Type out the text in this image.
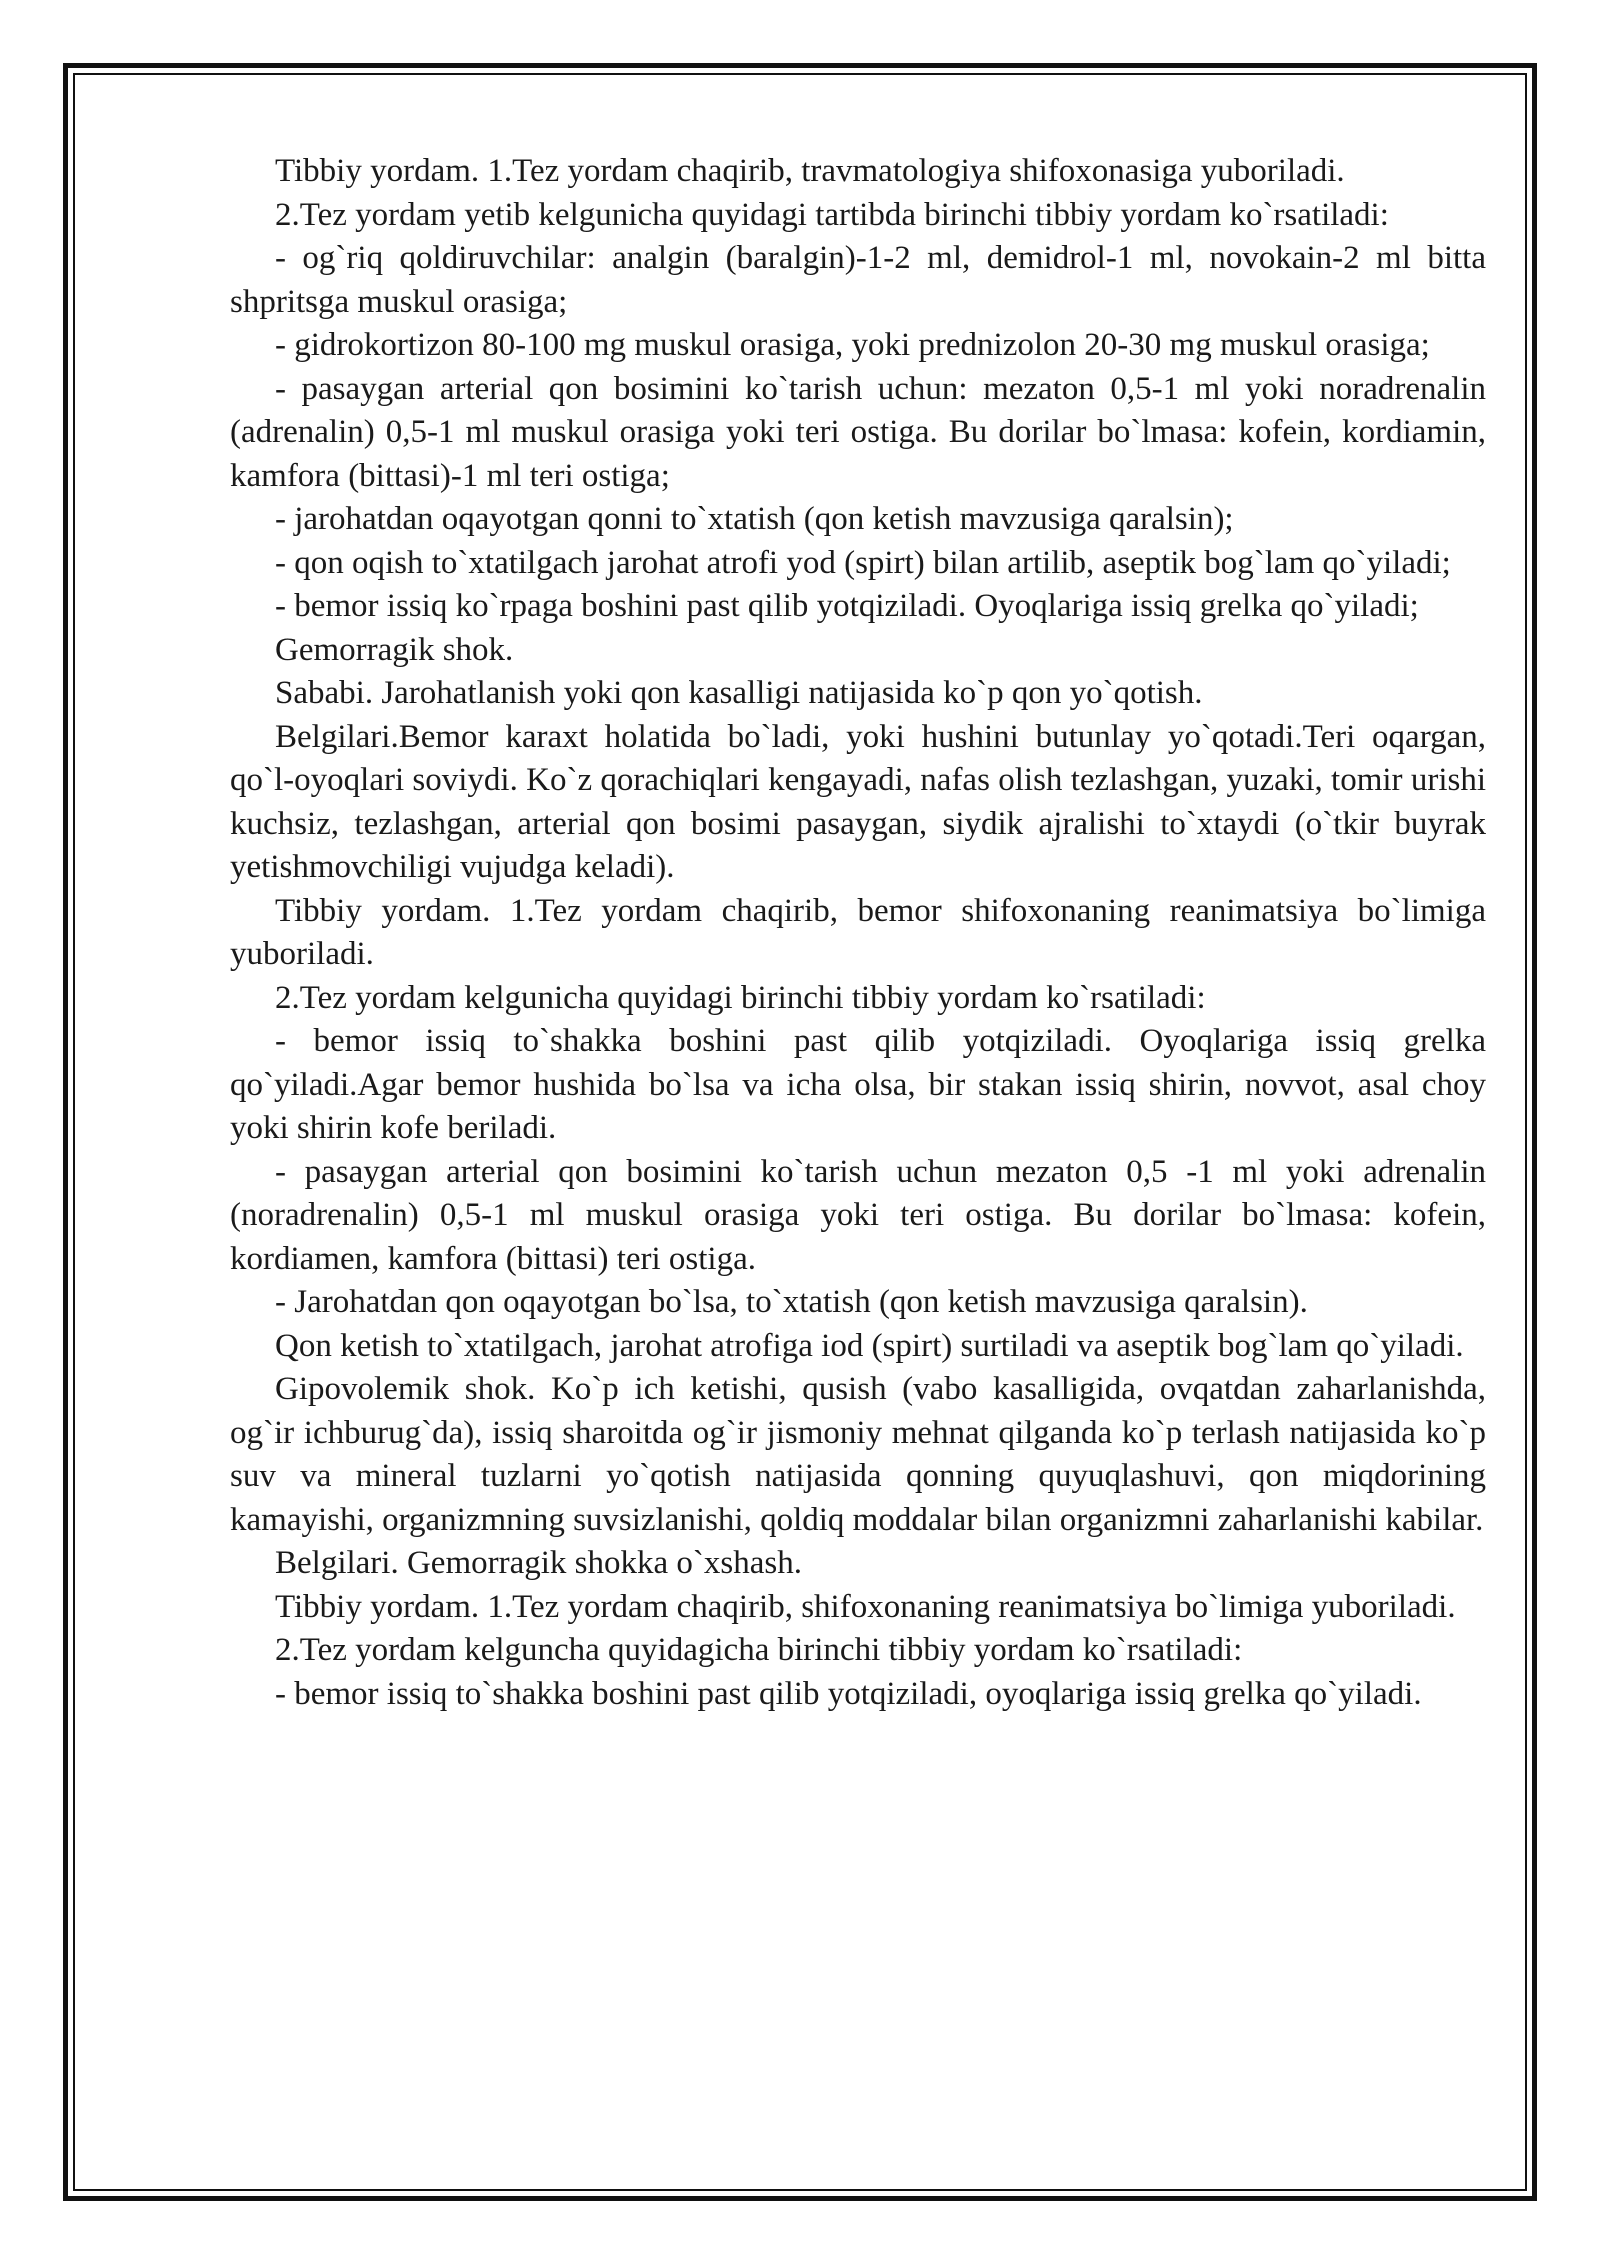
Tibbiy yordam. 1.Tez yordam chaqirib, travmatologiya shifoxonasiga yuboriladi.

2.Tez yordam yetib kelgunicha quyidagi tartibda birinchi tibbiy yordam ko`rsatiladi:

- og`riq qoldiruvchilar: analgin (baralgin)-1-2 ml, demidrol-1 ml, novokain-2 ml bitta shpritsga muskul orasiga;

- gidrokortizon 80-100 mg muskul orasiga, yoki prednizolon 20-30 mg muskul orasiga;

- pasaygan arterial qon bosimini ko`tarish uchun: mezaton 0,5-1 ml yoki noradrenalin (adrenalin) 0,5-1 ml muskul orasiga yoki teri ostiga. Bu dorilar bo`lmasa: kofein, kordiamin, kamfora (bittasi)-1 ml teri ostiga;

- jarohatdan oqayotgan qonni to`xtatish (qon ketish mavzusiga qaralsin);

- qon oqish to`xtatilgach jarohat atrofi yod (spirt) bilan artilib, aseptik bog`lam qo`yiladi;

- bemor issiq ko`rpaga boshini past qilib yotqiziladi. Oyoqlariga issiq grelka qo`yiladi;

Gemorragik shok.

Sababi. Jarohatlanish yoki qon kasalligi natijasida ko`p qon yo`qotish.

Belgilari.Bemor karaxt holatida bo`ladi, yoki hushini butunlay yo`qotadi.Teri oqargan, qo`l-oyoqlari soviydi. Ko`z qorachiqlari kengayadi, nafas olish tezlashgan, yuzaki, tomir urishi kuchsiz, tezlashgan, arterial qon bosimi pasaygan, siydik ajralishi to`xtaydi (o`tkir buyrak yetishmovchiligi vujudga keladi).

Tibbiy yordam. 1.Tez yordam chaqirib, bemor shifoxonaning reanimatsiya bo`limiga yuboriladi.

2.Tez yordam kelgunicha quyidagi birinchi tibbiy yordam ko`rsatiladi:

- bemor issiq to`shakka boshini past qilib yotqiziladi. Oyoqlariga issiq grelka qo`yiladi.Agar bemor hushida bo`lsa va icha olsa, bir stakan issiq shirin, novvot, asal choy yoki shirin kofe beriladi.

- pasaygan arterial qon bosimini ko`tarish uchun mezaton 0,5 -1 ml yoki adrenalin (noradrenalin) 0,5-1 ml muskul orasiga yoki teri ostiga. Bu dorilar bo`lmasa: kofein, kordiamen, kamfora (bittasi) teri ostiga.

- Jarohatdan qon oqayotgan bo`lsa, to`xtatish (qon ketish mavzusiga qaralsin).

Qon ketish to`xtatilgach, jarohat atrofiga iod (spirt) surtiladi va aseptik bog`lam qo`yiladi.

Gipovolemik shok. Ko`p ich ketishi, qusish (vabo kasalligida, ovqatdan zaharlanishda, og`ir ichburug`da), issiq sharoitda og`ir jismoniy mehnat qilganda ko`p terlash natijasida ko`p suv va mineral tuzlarni yo`qotish natijasida qonning quyuqlashuvi, qon miqdorining kamayishi, organizmning suvsizlanishi, qoldiq moddalar bilan organizmni zaharlanishi kabilar.

Belgilari. Gemorragik shokka o`xshash.

Tibbiy yordam. 1.Tez yordam chaqirib, shifoxonaning reanimatsiya bo`limiga yuboriladi.

2.Tez yordam kelguncha quyidagicha birinchi tibbiy yordam ko`rsatiladi:

- bemor issiq to`shakka boshini past qilib yotqiziladi, oyoqlariga issiq grelka qo`yiladi.
